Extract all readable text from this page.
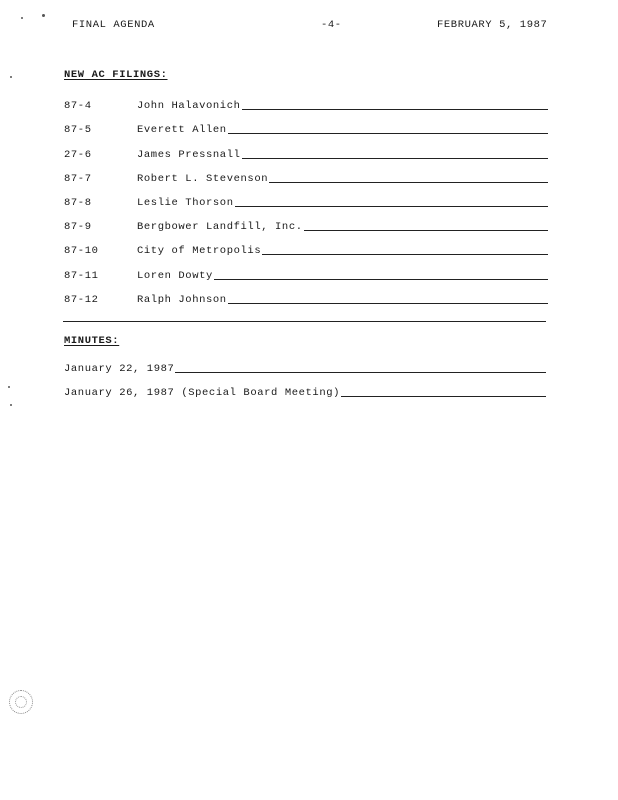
FINAL AGENDA	-4-	FEBRUARY 5, 1987
NEW AC FILINGS:
87-4	John Halavonich
87-5	Everett Allen
27-6	James Pressnall
87-7	Robert L. Stevenson
87-8	Leslie Thorson
87-9	Bergbower Landfill, Inc.
87-10	City of Metropolis
87-11	Loren Dowty
87-12	Ralph Johnson
MINUTES:
January 22, 1987
January 26, 1987 (Special Board Meeting)
